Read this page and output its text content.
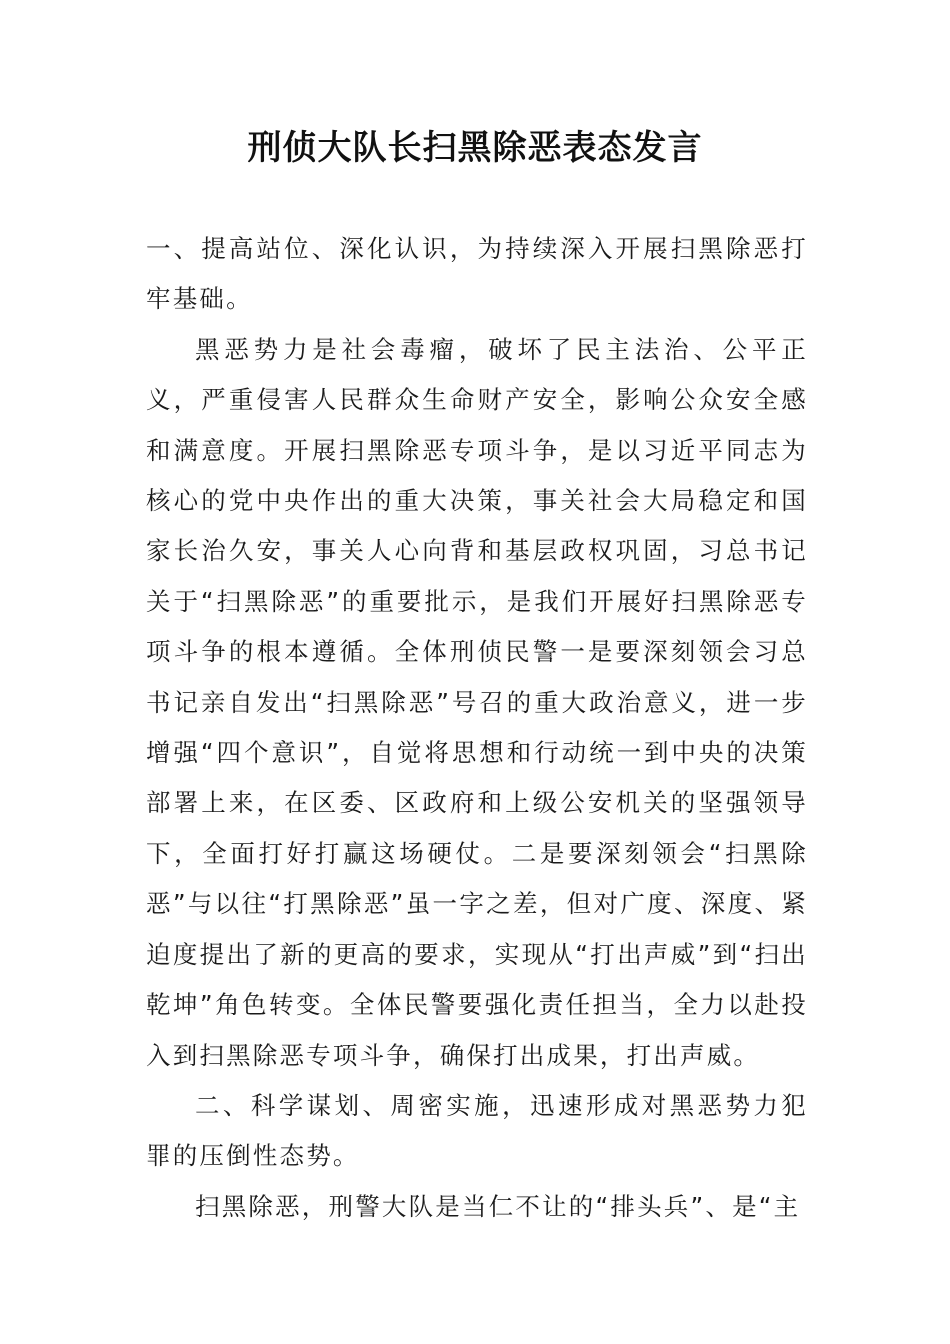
刑侦大队长扫黑除恶表态发言

一、提高站位、深化认识，为持续深入开展扫黑除恶打牢基础。

黑恶势力是社会毒瘤，破坏了民主法治、公平正义，严重侵害人民群众生命财产安全，影响公众安全感和满意度。开展扫黑除恶专项斗争，是以习近平同志为核心的党中央作出的重大决策，事关社会大局稳定和国家长治久安，事关人心向背和基层政权巩固，习总书记关于“扫黑除恶”的重要批示，是我们开展好扫黑除恶专项斗争的根本遵循。全体刑侦民警一是要深刻领会习总书记亲自发出“扫黑除恶”号召的重大政治意义，进一步增强“四个意识”，自觉将思想和行动统一到中央的决策部署上来，在区委、区政府和上级公安机关的坚强领导下，全面打好打赢这场硬仗。二是要深刻领会“扫黑除恶”与以往“打黑除恶”虽一字之差，但对广度、深度、紧迫度提出了新的更高的要求，实现从“打出声威”到“扫出乾坤”角色转变。全体民警要强化责任担当，全力以赴投入到扫黑除恶专项斗争，确保打出成果，打出声威。

二、科学谋划、周密实施，迅速形成对黑恶势力犯罪的压倒性态势。

扫黑除恶，刑警大队是当仁不让的“排头兵”、是“主
